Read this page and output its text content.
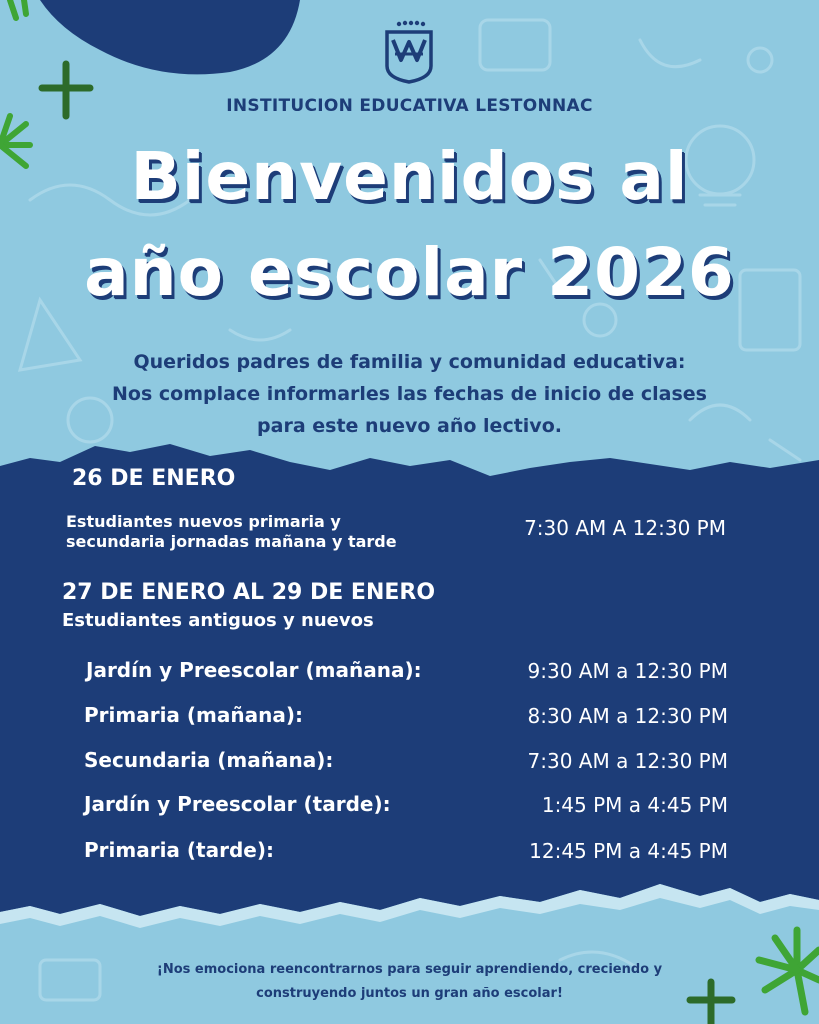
INSTITUCION EDUCATIVA LESTONNAC
Bienvenidos al
año escolar 2026
Queridos padres de familia y comunidad educativa:
Nos complace informarles las fechas de inicio de clases
para este nuevo año lectivo.
26 DE ENERO
Estudiantes nuevos primaria y
secundaria jornadas mañana y tarde
7:30 AM A 12:30 PM
27 DE ENERO AL 29 DE ENERO
Estudiantes antiguos y nuevos
Jardín y Preescolar (mañana):	9:30 AM a 12:30 PM
Primaria (mañana):	8:30 AM a 12:30 PM
Secundaria (mañana):	7:30 AM a 12:30 PM
Jardín y Preescolar (tarde):	1:45 PM a 4:45 PM
Primaria (tarde):	12:45 PM a 4:45 PM
¡Nos emociona reencontrarnos para seguir aprendiendo, creciendo y
construyendo juntos un gran año escolar!
